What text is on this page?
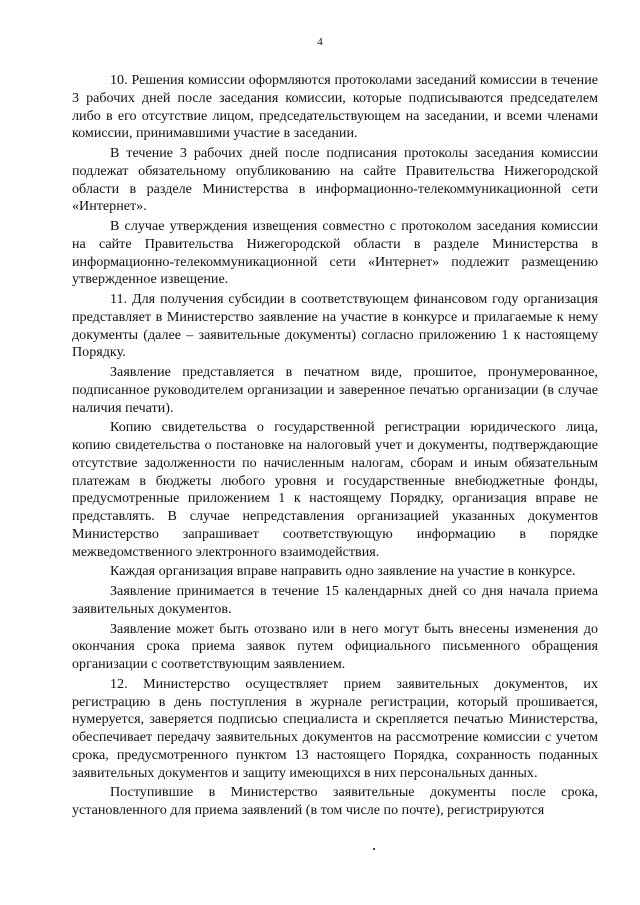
4

10. Решения комиссии оформляются протоколами заседаний комиссии в течение 3 рабочих дней после заседания комиссии, которые подписываются председателем либо в его отсутствие лицом, председательствующем на заседании, и всеми членами комиссии, принимавшими участие в заседании.

В течение 3 рабочих дней после подписания протоколы заседания комиссии подлежат обязательному опубликованию на сайте Правительства Нижегородской области в разделе Министерства в информационно-телекоммуникационной сети «Интернет».

В случае утверждения извещения совместно с протоколом заседания комиссии на сайте Правительства Нижегородской области в разделе Министерства в информационно-телекоммуникационной сети «Интернет» подлежит размещению утвержденное извещение.

11. Для получения субсидии в соответствующем финансовом году организация представляет в Министерство заявление на участие в конкурсе и прилагаемые к нему документы (далее – заявительные документы) согласно приложению 1 к настоящему Порядку.

Заявление представляется в печатном виде, прошитое, пронумерованное, подписанное руководителем организации и заверенное печатью организации (в случае наличия печати).

Копию свидетельства о государственной регистрации юридического лица, копию свидетельства о постановке на налоговый учет и документы, подтверждающие отсутствие задолженности по начисленным налогам, сборам и иным обязательным платежам в бюджеты любого уровня и государственные внебюджетные фонды, предусмотренные приложением 1 к настоящему Порядку, организация вправе не представлять. В случае непредставления организацией указанных документов Министерство запрашивает соответствующую информацию в порядке межведомственного электронного взаимодействия.

Каждая организация вправе направить одно заявление на участие в конкурсе.

Заявление принимается в течение 15 календарных дней со дня начала приема заявительных документов.

Заявление может быть отозвано или в него могут быть внесены изменения до окончания срока приема заявок путем официального письменного обращения организации с соответствующим заявлением.

12. Министерство осуществляет прием заявительных документов, их регистрацию в день поступления в журнале регистрации, который прошивается, нумеруется, заверяется подписью специалиста и скрепляется печатью Министерства, обеспечивает передачу заявительных документов на рассмотрение комиссии с учетом срока, предусмотренного пунктом 13 настоящего Порядка, сохранность поданных заявительных документов и защиту имеющихся в них персональных данных.

Поступившие в Министерство заявительные документы после срока, установленного для приема заявлений (в том числе по почте), регистрируются
